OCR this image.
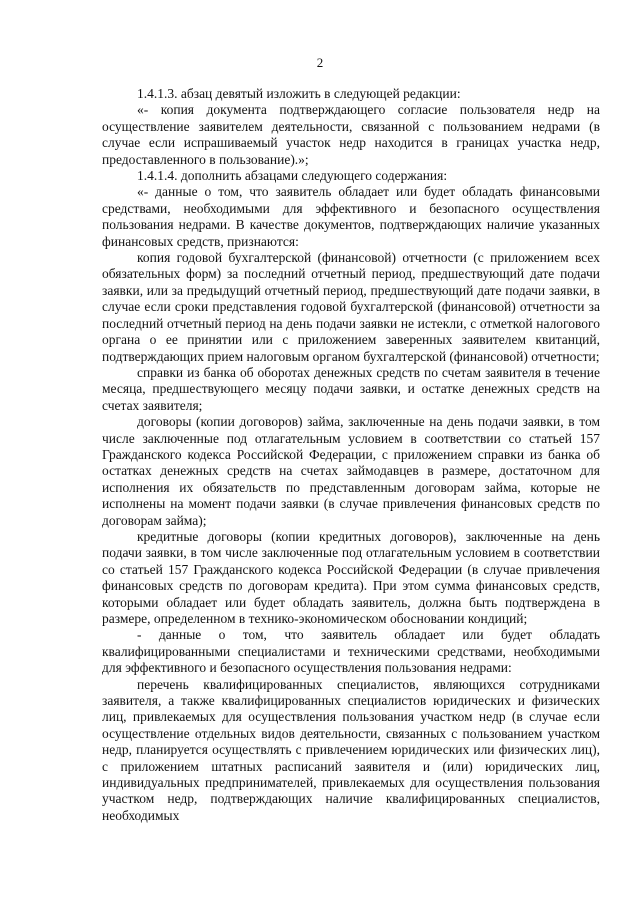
2

1.4.1.3. абзац девятый изложить в следующей редакции:

«- копия документа подтверждающего согласие пользователя недр на осуществление заявителем деятельности, связанной с пользованием недрами (в случае если испрашиваемый участок недр находится в границах участка недр, предоставленного в пользование).»;

1.4.1.4. дополнить абзацами следующего содержания:

«- данные о том, что заявитель обладает или будет обладать финансовыми средствами, необходимыми для эффективного и безопасного осуществления пользования недрами. В качестве документов, подтверждающих наличие указанных финансовых средств, признаются:

копия годовой бухгалтерской (финансовой) отчетности (с приложением всех обязательных форм) за последний отчетный период, предшествующий дате подачи заявки, или за предыдущий отчетный период, предшествующий дате подачи заявки, в случае если сроки представления годовой бухгалтерской (финансовой) отчетности за последний отчетный период на день подачи заявки не истекли, с отметкой налогового органа о ее принятии или с приложением заверенных заявителем квитанций, подтверждающих прием налоговым органом бухгалтерской (финансовой) отчетности;

справки из банка об оборотах денежных средств по счетам заявителя в течение месяца, предшествующего месяцу подачи заявки, и остатке денежных средств на счетах заявителя;

договоры (копии договоров) займа, заключенные на день подачи заявки, в том числе заключенные под отлагательным условием в соответствии со статьей 157 Гражданского кодекса Российской Федерации, с приложением справки из банка об остатках денежных средств на счетах займодавцев в размере, достаточном для исполнения их обязательств по представленным договорам займа, которые не исполнены на момент подачи заявки (в случае привлечения финансовых средств по договорам займа);

кредитные договоры (копии кредитных договоров), заключенные на день подачи заявки, в том числе заключенные под отлагательным условием в соответствии со статьей 157 Гражданского кодекса Российской Федерации (в случае привлечения финансовых средств по договорам кредита). При этом сумма финансовых средств, которыми обладает или будет обладать заявитель, должна быть подтверждена в размере, определенном в технико-экономическом обосновании кондиций;

- данные о том, что заявитель обладает или будет обладать квалифицированными специалистами и техническими средствами, необходимыми для эффективного и безопасного осуществления пользования недрами:

перечень квалифицированных специалистов, являющихся сотрудниками заявителя, а также квалифицированных специалистов юридических и физических лиц, привлекаемых для осуществления пользования участком недр (в случае если осуществление отдельных видов деятельности, связанных с пользованием участком недр, планируется осуществлять с привлечением юридических или физических лиц), с приложением штатных расписаний заявителя и (или) юридических лиц, индивидуальных предпринимателей, привлекаемых для осуществления пользования участком недр, подтверждающих наличие квалифицированных специалистов, необходимых
